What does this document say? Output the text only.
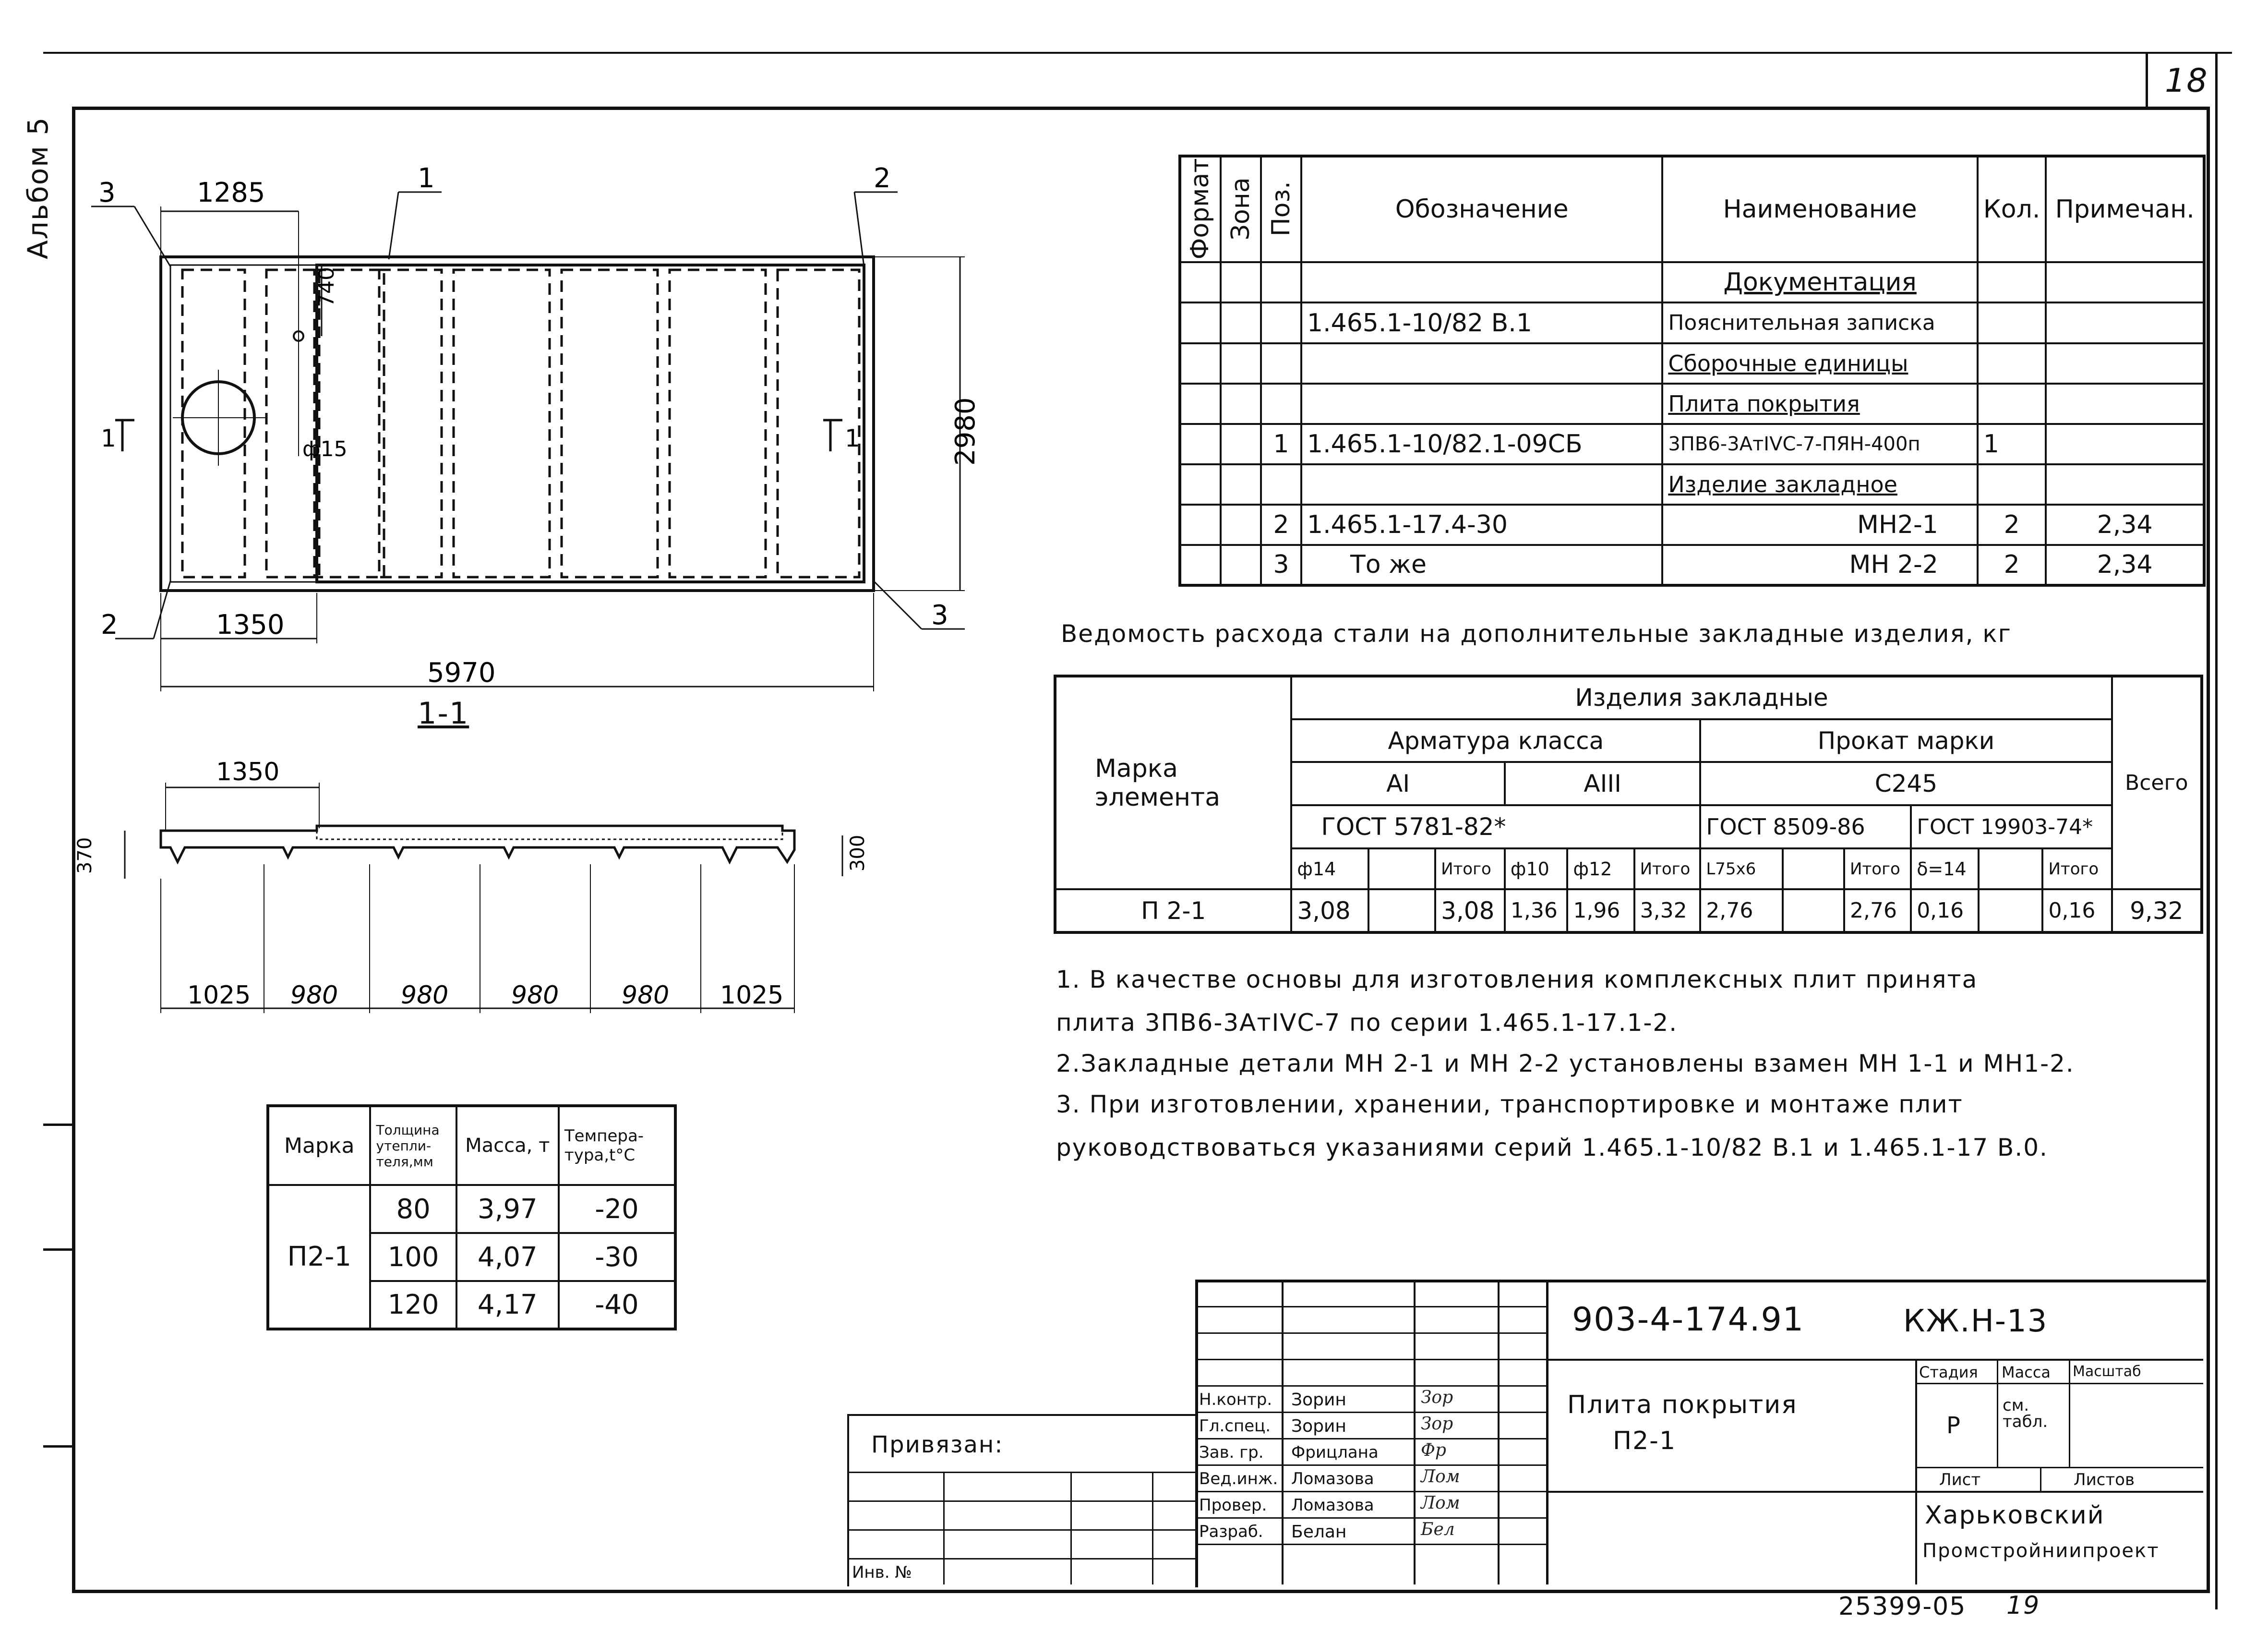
18
Альбом 5	1285
740
ф15	2980
1350
5970
3	1	2
2	3
1	1
1-1
1350
370	300
1025 980	980	980	980 1025
Формат	Зона	Поз.	Обозначение	Наименование	Кол.	Примечан.
				Документация		
			1.465.1-10/82 В.1	Пояснительная записка		
				Сборочные единицы		
				Плита покрытия		
		1	1.465.1-10/82.1-09СБ	3ПВ6-3АтIVС-7-ПЯН-400п	1	
				Изделие закладное		
		2	1.465.1-17.4-30	МН2-1	2	2,34
		3	То же	МН 2-2	2	2,34
Ведомость расхода стали на дополнительные закладные изделия, кг
Марка элемента	Изделия закладные												Всего
	Арматура класса						Прокат марки						
	АI			АIII			С245						
	ГОСТ 5781-82*						ГОСТ 8509-86			ГОСТ 19903-74*			
	ф14		Итого	ф10	ф12	Итого	L75х6		Итого	δ=14		Итого	
П 2-1	3,08		3,08	1,36	1,96	3,32	2,76		2,76	0,16		0,16	9,32
1. В качестве основы для изготовления комплексных плит принята
плита 3ПВ6-3АтIVС-7 по серии 1.465.1-17.1-2.
2.Закладные детали МН 2-1 и МН 2-2 установлены взамен МН 1-1 и МН1-2.
3. При изготовлении, хранении, транспортировке и монтаже плит
руководствоваться указаниями серий 1.465.1-10/82 В.1 и 1.465.1-17 В.0.
Марка	Толщина утепли-теля,мм	Масса, т	Темпера-тура,t°С
П2-1	80	3,97	-20
	100	4,07	-30
	120	4,17	-40
Н.контр. Зорин	Зор
Гл.спец. Зорин	Зор
Зав. гр. Фрицлана Фр
Вед.инж. Ломазова	Лом
Провер. Ломазова	Лом
Разраб. Белан	Бел
Привязан:
Инв. №
903-4-174.91	КЖ.Н-13
Плита покрытия
П2-1
Стадия Масса Масштаб
Р
см. табл.
Лист	Листов
Харьковский
Промстройниипроект
25399-05 19
